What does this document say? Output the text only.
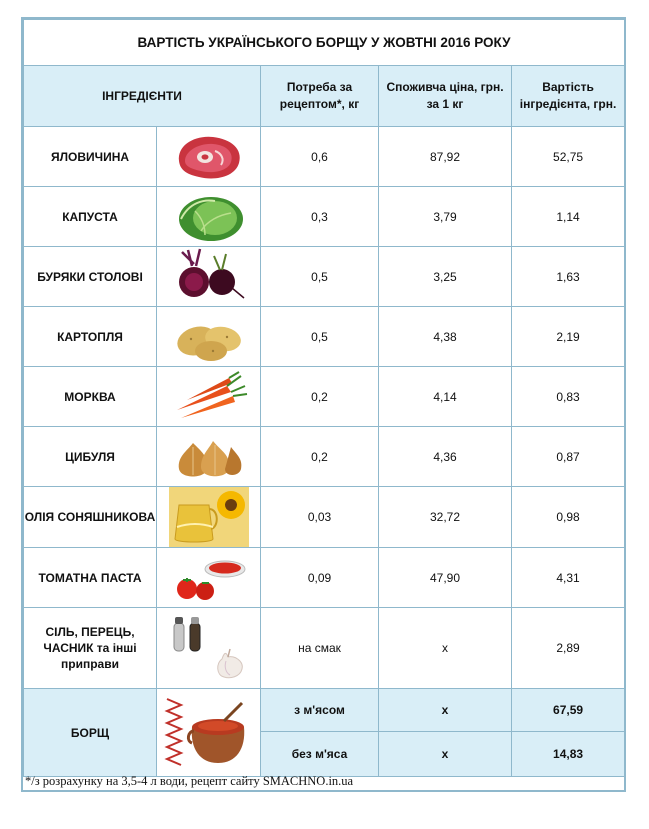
ВАРТІСТЬ УКРАЇНСЬКОГО БОРЩУ У ЖОВТНІ 2016 РОКУ				
ІНГРЕДІЄНТИ		Потреба за рецептом*, кг	Споживча ціна, грн. за 1 кг	Вартість інгредієнта, грн.
ЯЛОВИЧИНА		0,6	87,92	52,75
КАПУСТА		0,3	3,79	1,14
БУРЯКИ СТОЛОВІ		0,5	3,25	1,63
КАРТОПЛЯ		0,5	4,38	2,19
МОРКВА		0,2	4,14	0,83
ЦИБУЛЯ		0,2	4,36	0,87
ОЛІЯ СОНЯШНИКОВА		0,03	32,72	0,98
ТОМАТНА ПАСТА		0,09	47,90	4,31
СІЛЬ, ПЕРЕЦЬ, ЧАСНИК та інші приправи		на смак	х	2,89
БОРЩ		з м'ясом	х	67,59
		без м'яса	х	14,83
*/з розрахунку на 3,5-4 л води, рецепт сайту SMACHNO.in.ua
